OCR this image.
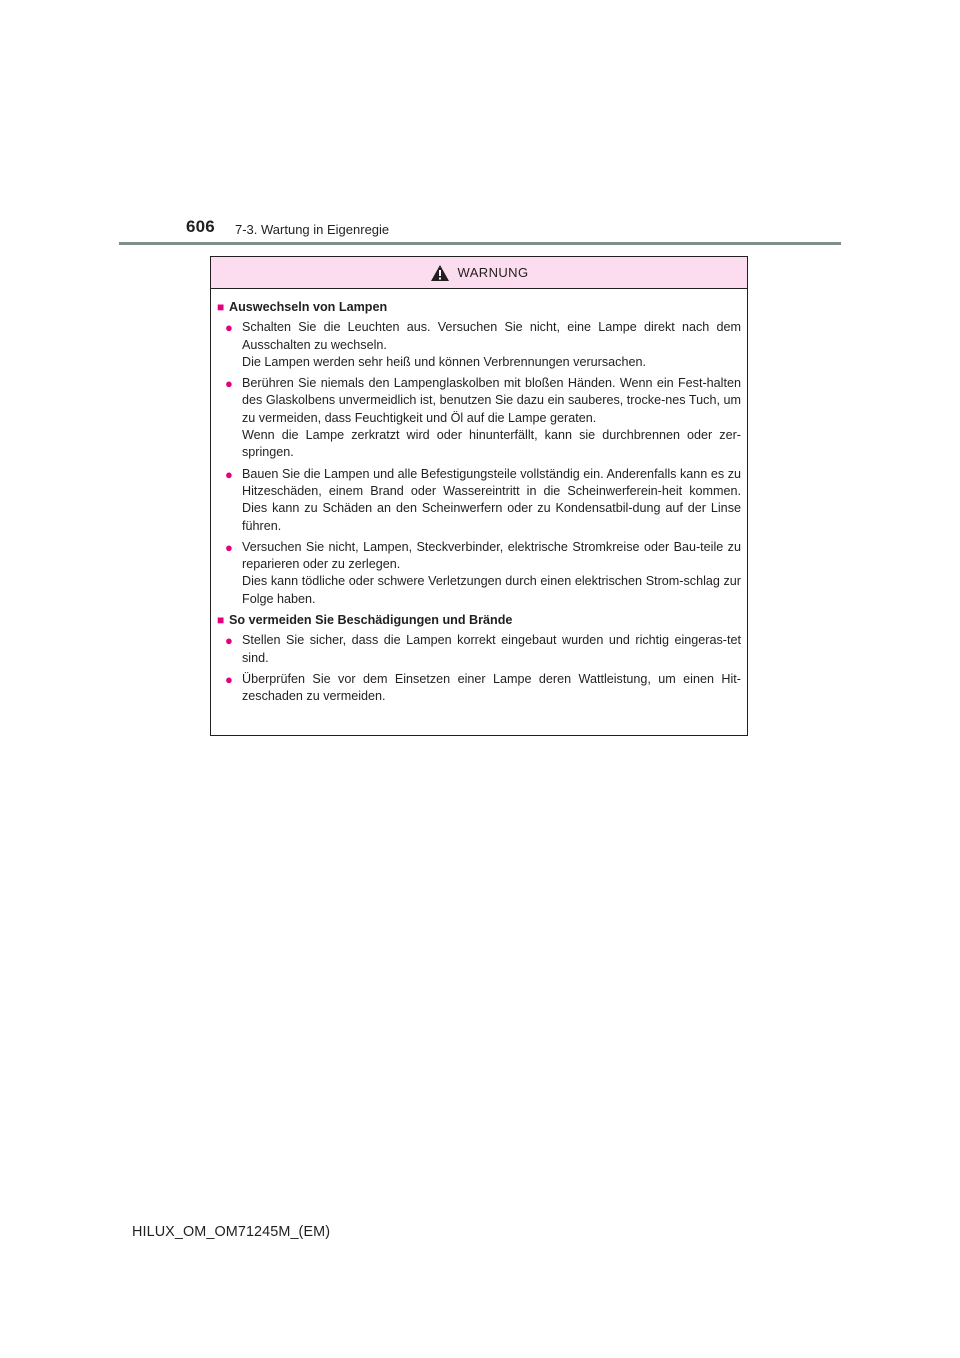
606 7-3. Wartung in Eigenregie
WARNUNG
■ Auswechseln von Lampen
● Schalten Sie die Leuchten aus. Versuchen Sie nicht, eine Lampe direkt nach dem Ausschalten zu wechseln.
Die Lampen werden sehr heiß und können Verbrennungen verursachen.
● Berühren Sie niemals den Lampenglaskolben mit bloßen Händen. Wenn ein Fest-halten des Glaskolbens unvermeidlich ist, benutzen Sie dazu ein sauberes, trocke-nes Tuch, um zu vermeiden, dass Feuchtigkeit und Öl auf die Lampe geraten.
Wenn die Lampe zerkratzt wird oder hinunterfällt, kann sie durchbrennen oder zer-springen.
● Bauen Sie die Lampen und alle Befestigungsteile vollständig ein. Anderenfalls kann es zu Hitzeschäden, einem Brand oder Wassereintritt in die Scheinwerferein-heit kommen. Dies kann zu Schäden an den Scheinwerfern oder zu Kondensatbil-dung auf der Linse führen.
● Versuchen Sie nicht, Lampen, Steckverbinder, elektrische Stromkreise oder Bau-teile zu reparieren oder zu zerlegen.
Dies kann tödliche oder schwere Verletzungen durch einen elektrischen Strom-schlag zur Folge haben.
■ So vermeiden Sie Beschädigungen und Brände
● Stellen Sie sicher, dass die Lampen korrekt eingebaut wurden und richtig eingeras-tet sind.
● Überprüfen Sie vor dem Einsetzen einer Lampe deren Wattleistung, um einen Hit-zeschaden zu vermeiden.
HILUX_OM_OM71245M_(EM)
